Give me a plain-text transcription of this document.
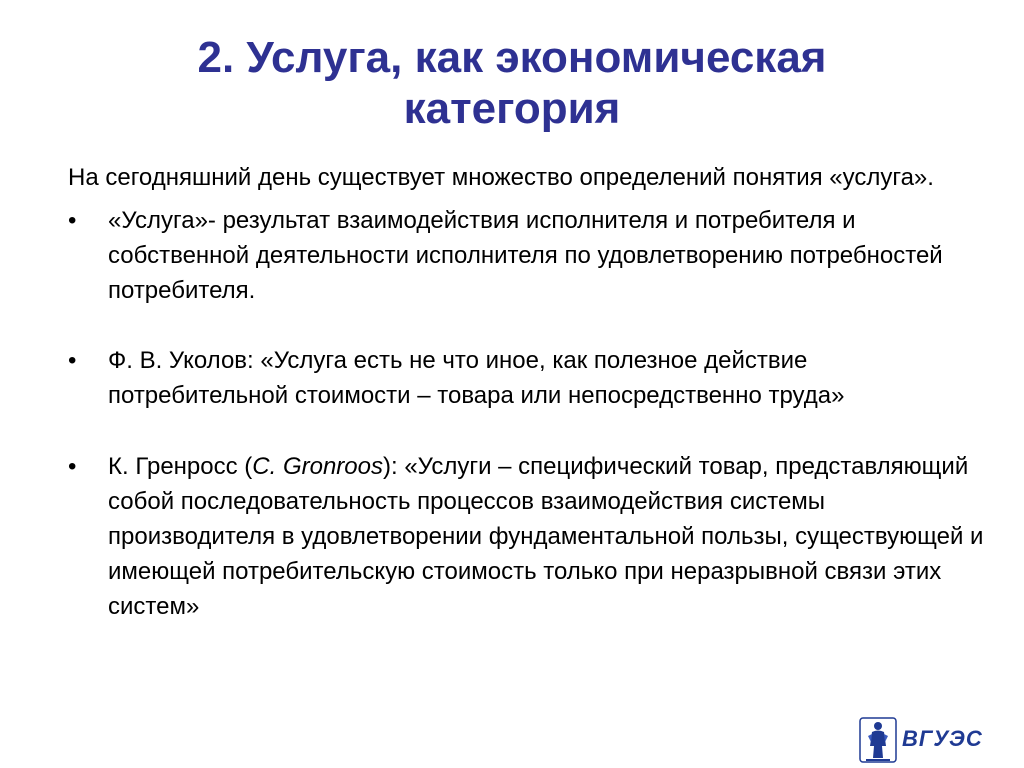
2. Услуга, как экономическая
категория

На сегодняшний день существует множество определений понятия «услуга».

• «Услуга»- результат взаимодействия исполнителя и потребителя и собственной деятельности исполнителя по удовлетворению потребностей потребителя.

• Ф. В. Уколов: «Услуга есть не что иное, как полезное действие потребительной стоимости – товара или непосредственно труда»

• К. Гренросс (C. Gronroos): «Услуги – специфический товар, представляющий собой последовательность процессов взаимодействия системы производителя в удовлетворении фундаментальной пользы, существующей и имеющей потребительскую стоимость только при неразрывной связи этих систем»

ВГУЭС
